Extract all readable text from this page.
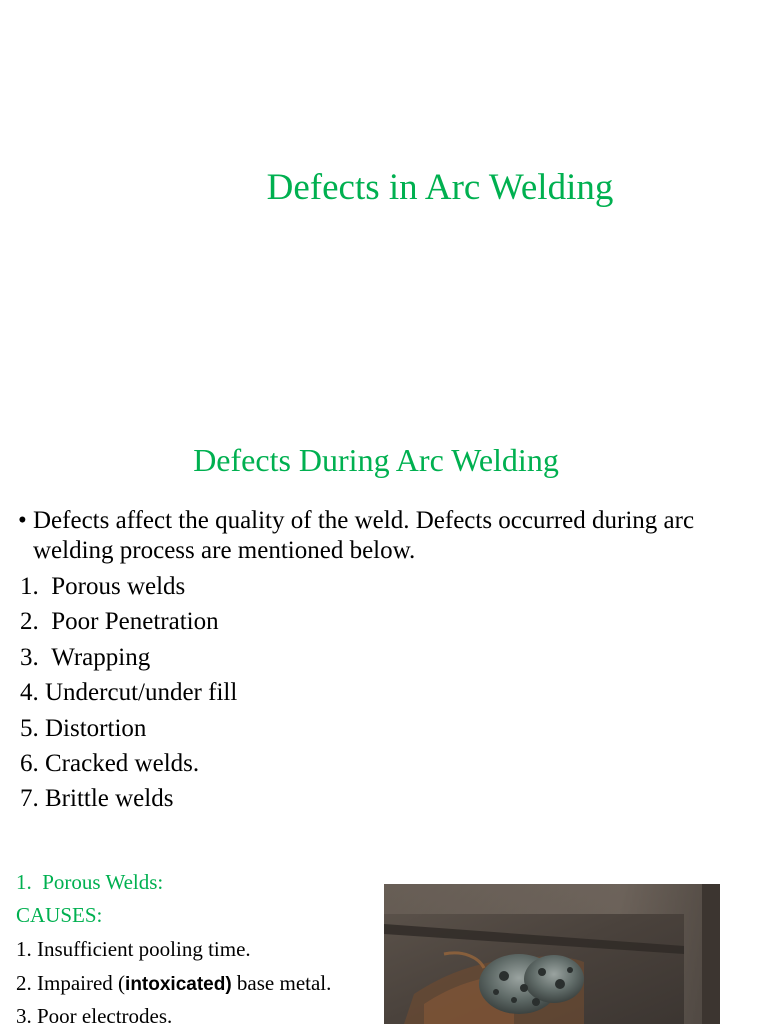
Defects in Arc Welding
Defects During Arc Welding
• Defects affect the quality of the weld. Defects occurred during arc welding process are mentioned below.
1. Porous welds
2. Poor Penetration
3. Wrapping
4. Undercut/under fill
5. Distortion
6. Cracked welds.
7. Brittle welds
1. Porous Welds:
CAUSES:
1. Insufficient pooling time.
2. Impaired (intoxicated) base metal.
3. Poor electrodes.
